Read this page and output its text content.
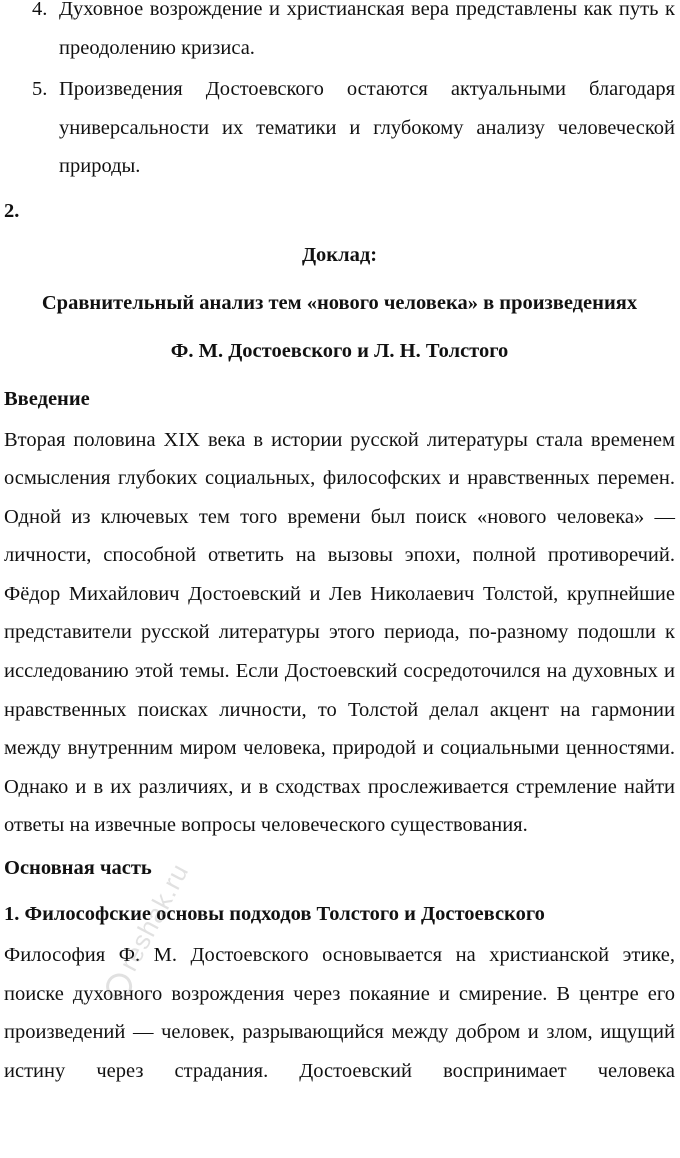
4. Духовное возрождение и христианская вера представлены как путь к преодолению кризиса.
5. Произведения Достоевского остаются актуальными благодаря универсальности их тематики и глубокому анализу человеческой природы.
2.
Доклад:
Сравнительный анализ тем «нового человека» в произведениях
Ф. М. Достоевского и Л. Н. Толстого
Введение

Вторая половина XIX века в истории русской литературы стала временем осмысления глубоких социальных, философских и нравственных перемен. Одной из ключевых тем того времени был поиск «нового человека» — личности, способной ответить на вызовы эпохи, полной противоречий. Фёдор Михайлович Достоевский и Лев Николаевич Толстой, крупнейшие представители русской литературы этого периода, по-разному подошли к исследованию этой темы. Если Достоевский сосредоточился на духовных и нравственных поисках личности, то Толстой делал акцент на гармонии между внутренним миром человека, природой и социальными ценностями. Однако и в их различиях, и в сходствах прослеживается стремление найти ответы на извечные вопросы человеческого существования.

Основная часть
1. Философские основы подходов Толстого и Достоевского

Философия Ф. М. Достоевского основывается на христианской этике, поиске духовного возрождения через покаяние и смирение. В центре его произведений — человек, разрывающийся между добром и злом, ищущий истину через страдания. Достоевский воспринимает человека

reshak.ru
